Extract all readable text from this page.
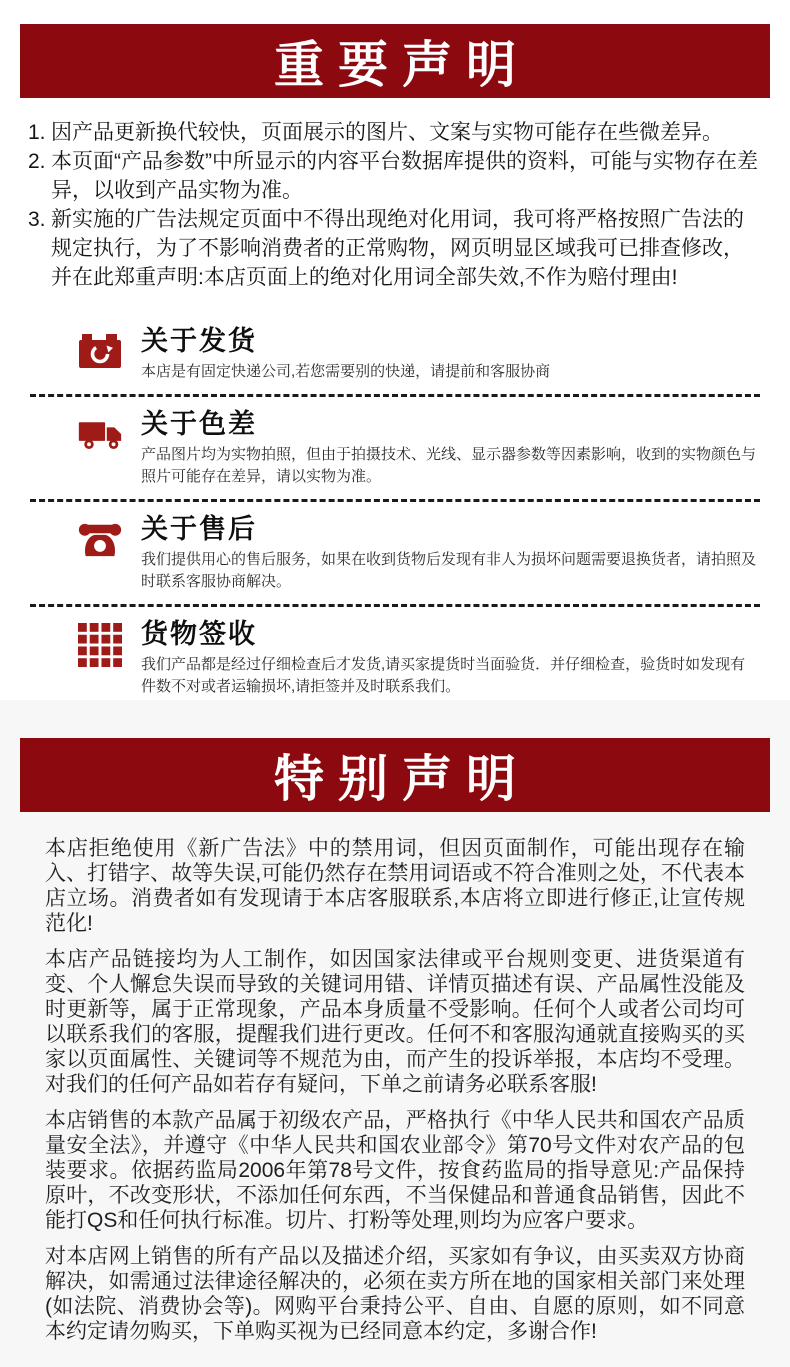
重要声明
1. 因产品更新换代较快，页面展示的图片、文案与实物可能存在些微差异。
2. 本页面“产品参数”中所显示的内容平台数据库提供的资料，可能与实物存在差异，以收到产品实物为准。
3. 新实施的广告法规定页面中不得出现绝对化用词，我可将严格按照广告法的规定执行，为了不影响消费者的正常购物，网页明显区域我可已排查修改，并在此郑重声明:本店页面上的绝对化用词全部失效,不作为赔付理由!
关于发货
本店是有固定快递公司,若您需要别的快递，请提前和客服协商
关于色差
产品图片均为实物拍照，但由于拍摄技术、光线、显示器参数等因素影响，收到的实物颜色与照片可能存在差异，请以实物为准。
关于售后
我们提供用心的售后服务，如果在收到货物后发现有非人为损坏问题需要退换货者，请拍照及时联系客服协商解决。
货物签收
我们产品都是经过仔细检查后才发货,请买家提货时当面验货．并仔细检查，验货时如发现有件数不对或者运输损坏,请拒签并及时联系我们。
特别声明

本店拒绝使用《新广告法》中的禁用词，但因页面制作，可能出现存在输入、打错字、故等失误,可能仍然存在禁用词语或不符合准则之处，不代表本店立场。消费者如有发现请于本店客服联系,本店将立即进行修正,让宣传规范化!

本店产品链接均为人工制作，如因国家法律或平台规则变更、进货渠道有变、个人懈怠失误而导致的关键词用错、详情页描述有误、产品属性没能及时更新等，属于正常现象，产品本身质量不受影响。任何个人或者公司均可以联系我们的客服，提醒我们进行更改。任何不和客服沟通就直接购买的买家以页面属性、关键词等不规范为由，而产生的投诉举报，本店均不受理。对我们的任何产品如若存有疑问，下单之前请务必联系客服!

本店销售的本款产品属于初级农产品，严格执行《中华人民共和国农产品质量安全法》，并遵守《中华人民共和国农业部令》第70号文件对农产品的包装要求。依据药监局2006年第78号文件，按食药监局的指导意见:产品保持原叶，不改变形状，不添加任何东西，不当保健品和普通食品销售，因此不能打QS和任何执行标准。切片、打粉等处理,则均为应客户要求。

对本店网上销售的所有产品以及描述介绍，买家如有争议，由买卖双方协商解决，如需通过法律途径解决的，必须在卖方所在地的国家相关部门来处理(如法院、消费协会等)。网购平台秉持公平、自由、自愿的原则，如不同意本约定请勿购买，下单购买视为已经同意本约定，多谢合作!
